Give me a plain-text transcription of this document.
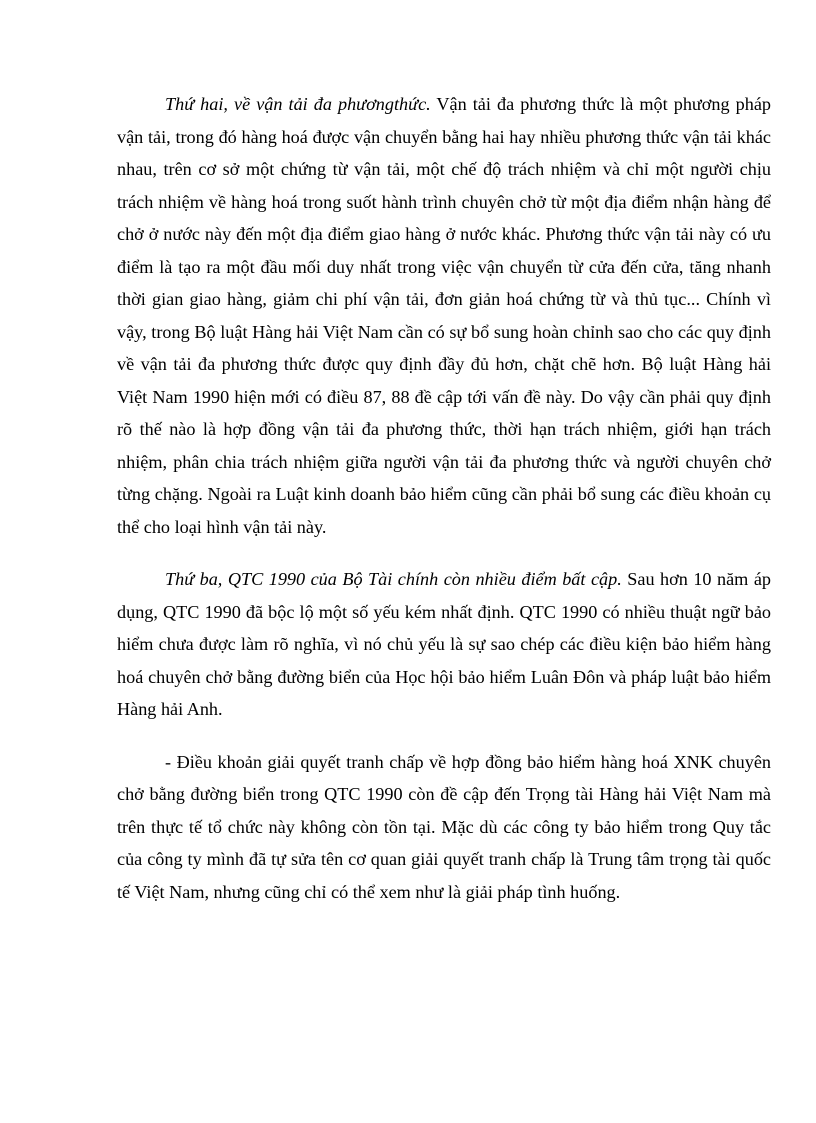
Thứ hai, về vận tải đa phươngthức. Vận tải đa phương thức là một phương pháp vận tải, trong đó hàng hoá được vận chuyển bằng hai hay nhiều phương thức vận tải khác nhau, trên cơ sở một chứng từ vận tải, một chế độ trách nhiệm và chỉ một người chịu trách nhiệm về hàng hoá trong suốt hành trình chuyên chở từ một địa điểm nhận hàng để chở ở nước này đến một địa điểm giao hàng ở nước khác. Phương thức vận tải này có ưu điểm là tạo ra một đầu mối duy nhất trong việc vận chuyển từ cửa đến cửa, tăng nhanh thời gian giao hàng, giảm chi phí vận tải, đơn giản hoá chứng từ và thủ tục... Chính vì vậy, trong Bộ luật Hàng hải Việt Nam cần có sự bổ sung hoàn chỉnh sao cho các quy định về vận tải đa phương thức được quy định đầy đủ hơn, chặt chẽ hơn. Bộ luật Hàng hải Việt Nam 1990 hiện mới có điều 87, 88 đề cập tới vấn đề này. Do vậy cần phải quy định rõ thế nào là hợp đồng vận tải đa phương thức, thời hạn trách nhiệm, giới hạn trách nhiệm, phân chia trách nhiệm giữa người vận tải đa phương thức và người chuyên chở từng chặng. Ngoài ra Luật kinh doanh bảo hiểm cũng cần phải bổ sung các điều khoản cụ thể cho loại hình vận tải này.

Thứ ba, QTC 1990 của Bộ Tài chính còn nhiều điểm bất cập. Sau hơn 10 năm áp dụng, QTC 1990 đã bộc lộ một số yếu kém nhất định. QTC 1990 có nhiều thuật ngữ bảo hiểm chưa được làm rõ nghĩa, vì nó chủ yếu là sự sao chép các điều kiện bảo hiểm hàng hoá chuyên chở bằng đường biển của Học hội bảo hiểm Luân Đôn và pháp luật bảo hiểm Hàng hải Anh.

- Điều khoản giải quyết tranh chấp về hợp đồng bảo hiểm hàng hoá XNK chuyên chở bằng đường biển trong QTC 1990 còn đề cập đến Trọng tài Hàng hải Việt Nam mà trên thực tế tổ chức này không còn tồn tại. Mặc dù các công ty bảo hiểm trong Quy tắc của công ty mình đã tự sửa tên cơ quan giải quyết tranh chấp là Trung tâm trọng tài quốc tế Việt Nam, nhưng cũng chỉ có thể xem như là giải pháp tình huống.
